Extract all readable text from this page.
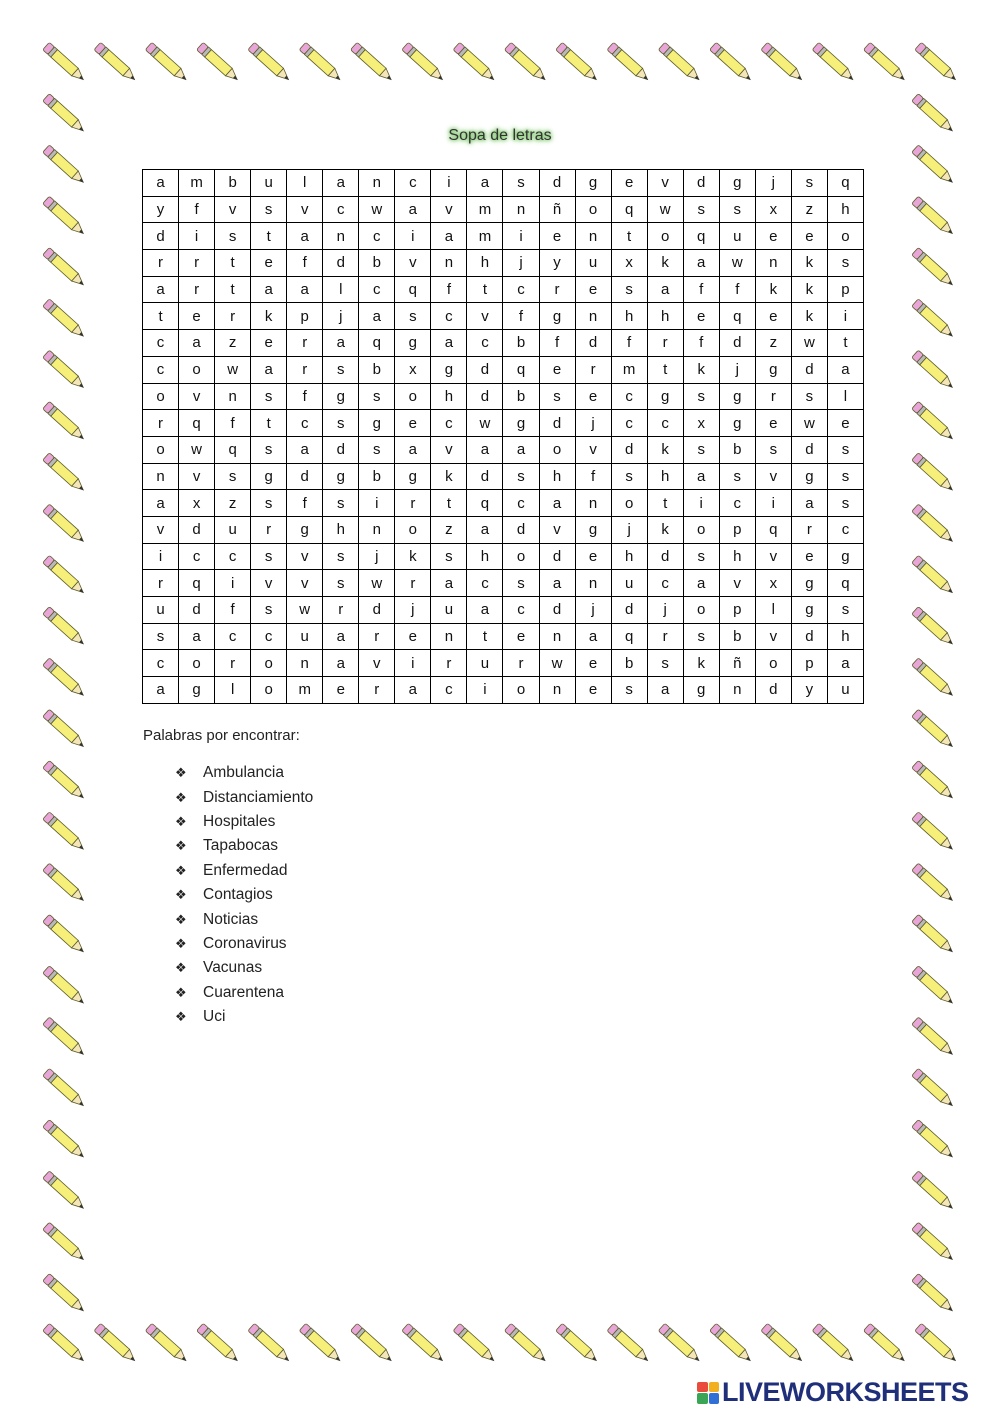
Sopa de letras
a	m	b	u	l	a	n	c	i	a	s	d	g	e	v	d	g	j	s	q
y	f	v	s	v	c	w	a	v	m	n	ñ	o	q	w	s	s	x	z	h
d	i	s	t	a	n	c	i	a	m	i	e	n	t	o	q	u	e	e	o
r	r	t	e	f	d	b	v	n	h	j	y	u	x	k	a	w	n	k	s
a	r	t	a	a	l	c	q	f	t	c	r	e	s	a	f	f	k	k	p
t	e	r	k	p	j	a	s	c	v	f	g	n	h	h	e	q	e	k	i
c	a	z	e	r	a	q	g	a	c	b	f	d	f	r	f	d	z	w	t
c	o	w	a	r	s	b	x	g	d	q	e	r	m	t	k	j	g	d	a
o	v	n	s	f	g	s	o	h	d	b	s	e	c	g	s	g	r	s	l
r	q	f	t	c	s	g	e	c	w	g	d	j	c	c	x	g	e	w	e
o	w	q	s	a	d	s	a	v	a	a	o	v	d	k	s	b	s	d	s
n	v	s	g	d	g	b	g	k	d	s	h	f	s	h	a	s	v	g	s
a	x	z	s	f	s	i	r	t	q	c	a	n	o	t	i	c	i	a	s
v	d	u	r	g	h	n	o	z	a	d	v	g	j	k	o	p	q	r	c
i	c	c	s	v	s	j	k	s	h	o	d	e	h	d	s	h	v	e	g
r	q	i	v	v	s	w	r	a	c	s	a	n	u	c	a	v	x	g	q
u	d	f	s	w	r	d	j	u	a	c	d	j	d	j	o	p	l	g	s
s	a	c	c	u	a	r	e	n	t	e	n	a	q	r	s	b	v	d	h
c	o	r	o	n	a	v	i	r	u	r	w	e	b	s	k	ñ	o	p	a
a	g	l	o	m	e	r	a	c	i	o	n	e	s	a	g	n	d	y	u
Palabras por encontrar:
❖	Ambulancia
❖	Distanciamiento
❖	Hospitales
❖	Tapabocas
❖	Enfermedad
❖	Contagios
❖	Noticias
❖	Coronavirus
❖	Vacunas
❖	Cuarentena
❖	Uci
LIVEWORKSHEETS
